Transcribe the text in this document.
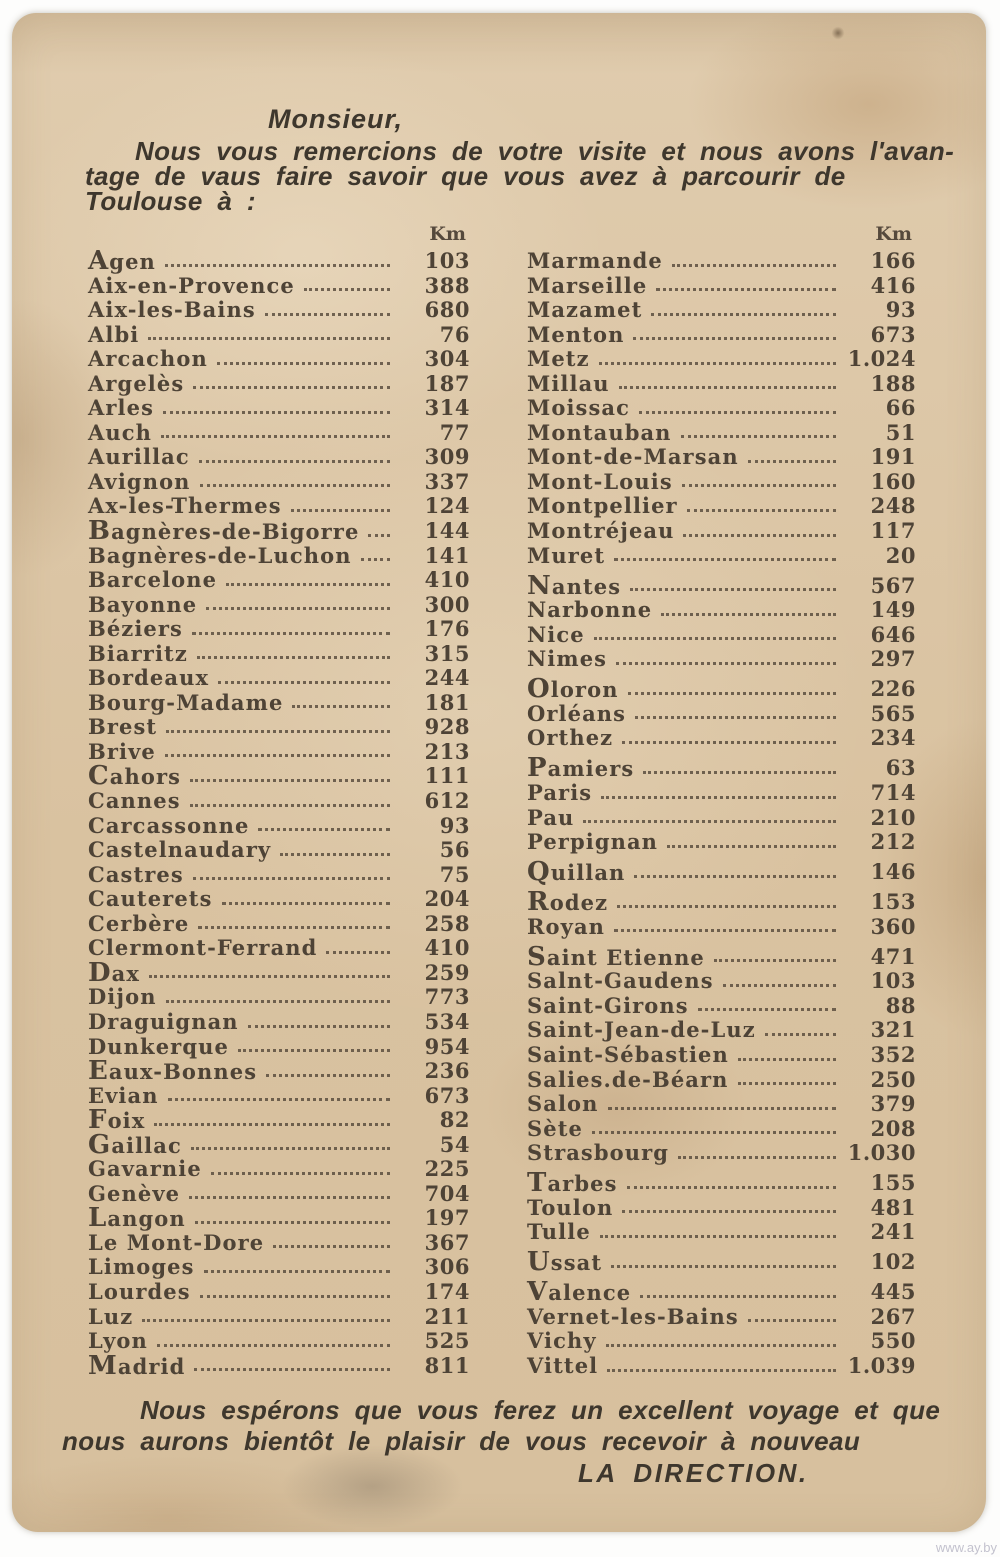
Monsieur,
Nous vous remercions de votre visite et nous avons l'avan-
tage de vaus faire savoir que vous avez à parcourir de
Toulouse à :
Km	Km
Agen	103
Aix-en-Provence	388
Aix-les-Bains	680
Albi	76
Arcachon	304
Argelès	187
Arles	314
Auch	77
Aurillac	309
Avignon	337
Ax-les-Thermes	124
Bagnères-de-Bigorre	144
Bagnères-de-Luchon	141
Barcelone	410
Bayonne	300
Béziers	176
Biarritz	315
Bordeaux	244
Bourg-Madame	181
Brest	928
Brive	213
Cahors	111
Cannes	612
Carcassonne	93
Castelnaudary	56
Castres	75
Cauterets	204
Cerbère	258
Clermont-Ferrand	410
Dax	259
Dijon	773
Draguignan	534
Dunkerque	954
Eaux-Bonnes	236
Evian	673
Foix	82
Gaillac	54
Gavarnie	225
Genève	704
Langon	197
Le Mont-Dore	367
Limoges	306
Lourdes	174
Luz	211
Lyon	525
Madrid	811
Marmande	166
Marseille	416
Mazamet	93
Menton	673
Metz	1.024
Millau	188
Moissac	66
Montauban	51
Mont-de-Marsan	191
Mont-Louis	160
Montpellier	248
Montréjeau	117
Muret	20
Nantes	567
Narbonne	149
Nice	646
Nimes	297
Oloron	226
Orléans	565
Orthez	234
Pamiers	63
Paris	714
Pau	210
Perpignan	212
Quillan	146
Rodez	153
Royan	360
Saint Etienne	471
Salnt-Gaudens	103
Saint-Girons	88
Saint-Jean-de-Luz	321
Saint-Sébastien	352
Salies.de-Béarn	250
Salon	379
Sète	208
Strasbourg	1.030
Tarbes	155
Toulon	481
Tulle	241
Ussat	102
Valence	445
Vernet-les-Bains	267
Vichy	550
Vittel	1.039
Nous espérons que vous ferez un excellent voyage et que
nous aurons bientôt le plaisir de vous recevoir à nouveau
LA DIRECTION.
www.ay.by
